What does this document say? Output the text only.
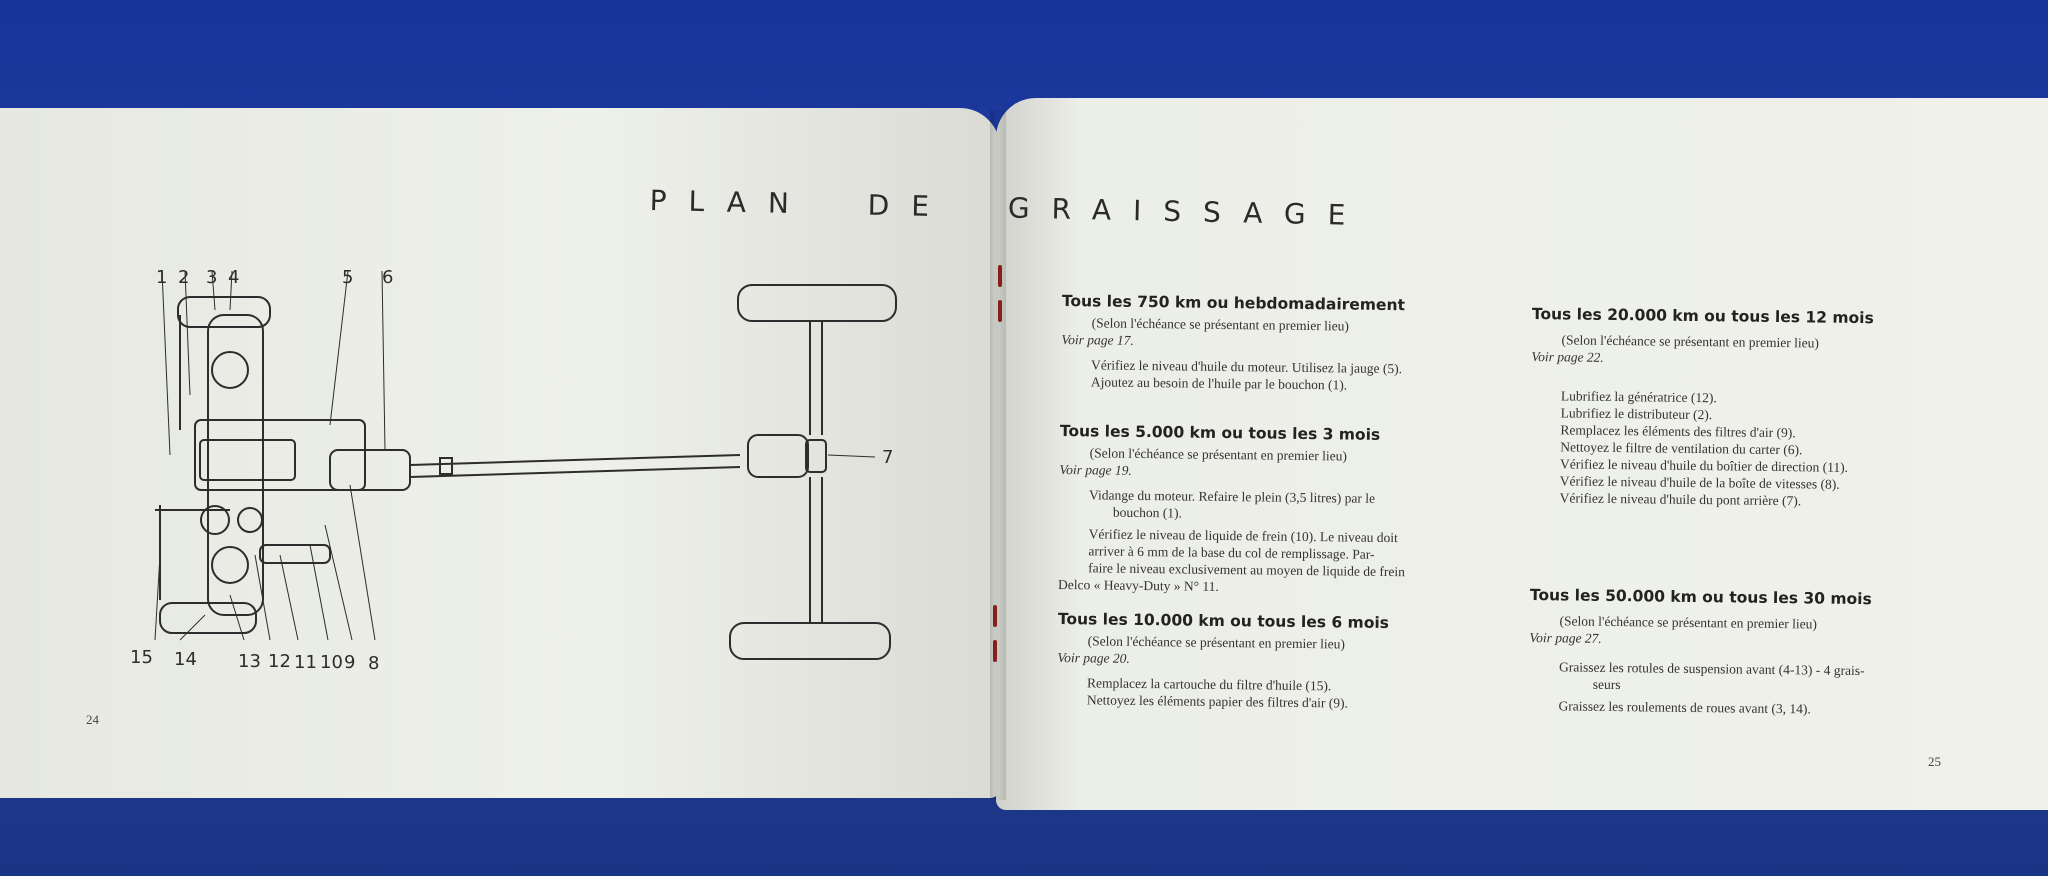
PLAN DE GRAISSAGE
24
25
1 2 3 4	5 6
7
15 14 13 12 11 10 9 8
Tous les 750 km ou hebdomadairement
(Selon l'échéance se présentant en premier lieu)
Voir page 17.
Vérifiez le niveau d'huile du moteur. Utilisez la jauge (5).
Ajoutez au besoin de l'huile par le bouchon (1).
Tous les 5.000 km ou tous les 3 mois
(Selon l'échéance se présentant en premier lieu)
Voir page 19.
Vidange du moteur. Refaire le plein (3,5 litres) par le
bouchon (1).
Vérifiez le niveau de liquide de frein (10). Le niveau doit
arriver à 6 mm de la base du col de remplissage. Par-
faire le niveau exclusivement au moyen de liquide de frein
Delco « Heavy-Duty » N° 11.
Tous les 10.000 km ou tous les 6 mois
(Selon l'échéance se présentant en premier lieu)
Voir page 20.
Remplacez la cartouche du filtre d'huile (15).
Nettoyez les éléments papier des filtres d'air (9).
Tous les 20.000 km ou tous les 12 mois
(Selon l'échéance se présentant en premier lieu)
Voir page 22.
Lubrifiez la génératrice (12).
Lubrifiez le distributeur (2).
Remplacez les éléments des filtres d'air (9).
Nettoyez le filtre de ventilation du carter (6).
Vérifiez le niveau d'huile du boîtier de direction (11).
Vérifiez le niveau d'huile de la boîte de vitesses (8).
Vérifiez le niveau d'huile du pont arrière (7).
Tous les 50.000 km ou tous les 30 mois
(Selon l'échéance se présentant en premier lieu)
Voir page 27.
Graissez les rotules de suspension avant (4-13) - 4 grais-
seurs
Graissez les roulements de roues avant (3, 14).
